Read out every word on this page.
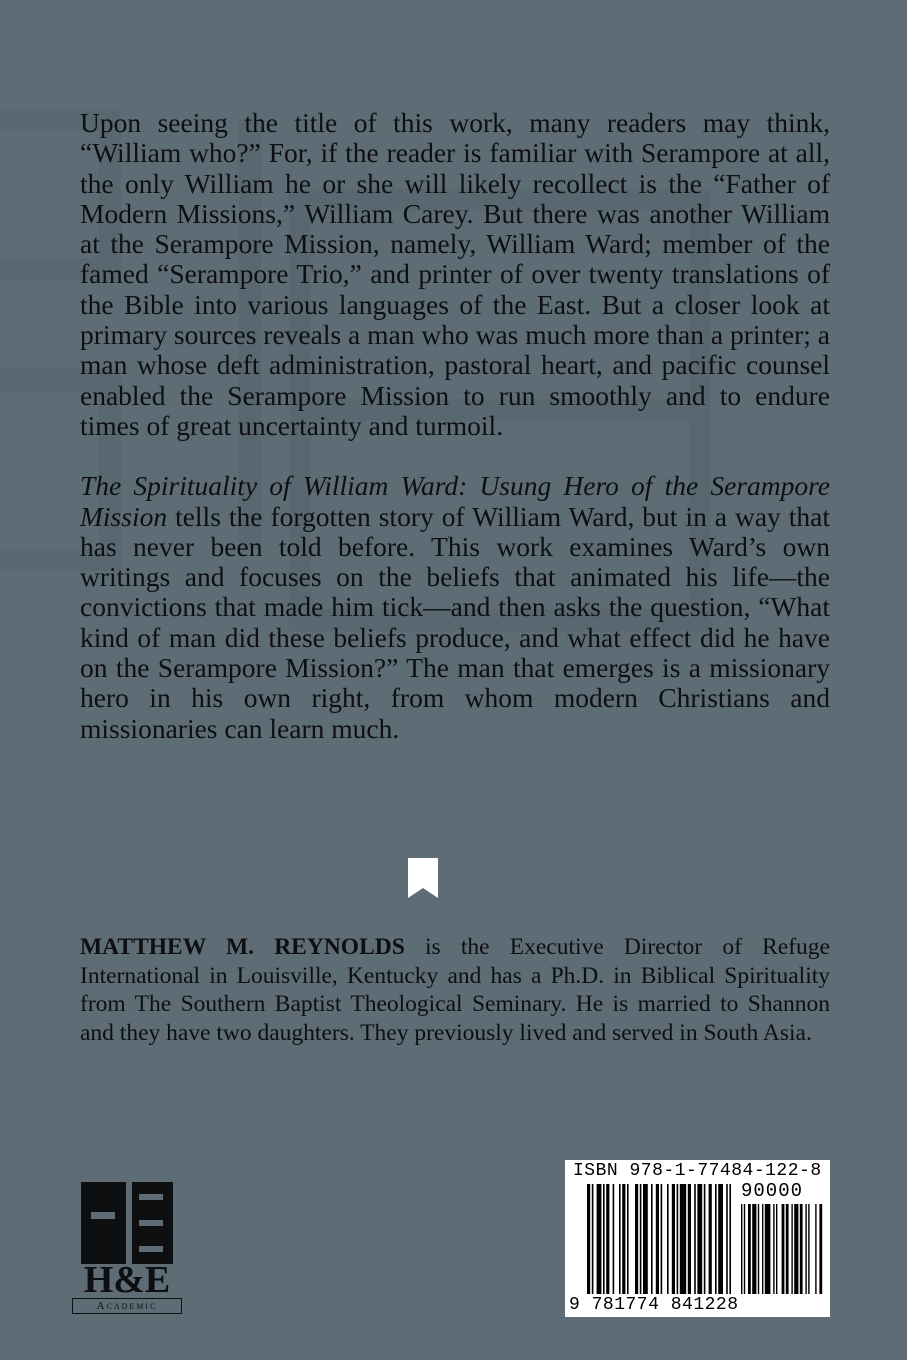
Upon seeing the title of this work, many readers may think, “William who?” For, if the reader is familiar with Serampore at all, the only William he or she will likely recollect is the “Father of Modern Missions,” William Carey. But there was another William at the Serampore Mission, namely, William Ward; member of the famed “Serampore Trio,” and printer of over twenty translations of the Bible into various languages of the East. But a closer look at primary sources reveals a man who was much more than a printer; a man whose deft administration, pastoral heart, and pacific counsel enabled the Serampore Mission to run smoothly and to endure times of great uncertainty and turmoil.

The Spirituality of William Ward: Usung Hero of the Serampore Mission tells the forgotten story of William Ward, but in a way that has never been told before. This work examines Ward’s own writings and focuses on the beliefs that animated his life—the convictions that made him tick—and then asks the question, “What kind of man did these beliefs produce, and what effect did he have on the Serampore Mission?” The man that emerges is a missionary hero in his own right, from whom modern Christians and missionaries can learn much.

MATTHEW M. REYNOLDS is the Executive Director of Refuge International in Louisville, Kentucky and has a Ph.D. in Biblical Spirituality from The Southern Baptist Theological Seminary. He is married to Shannon and they have two daughters. They previously lived and served in South Asia.
H&E
Academic
ISBN 978-1-77484-122-8
90000
9 781774 841228
